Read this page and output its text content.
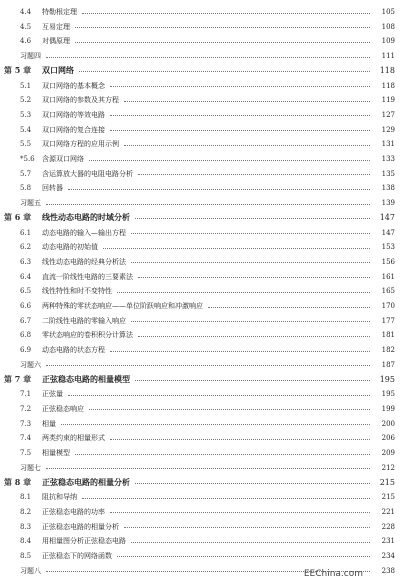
4.4	特勒根定理	105
4.5	互易定理	108
4.6	对偶原理	109
习题四	111
第 5 章	双口网络	118
5.1	双口网络的基本概念	118
5.2	双口网络的参数及其方程	119
5.3	双口网络的等效电路	127
5.4	双口网络的复合连接	129
5.5	双口网络方程的应用示例	131
*5.6	含源双口网络	133
5.7	含运算放大器的电阻电路分析	135
5.8	回转器	138
习题五	139
第 6 章	线性动态电路的时域分析	147
6.1	动态电路的输入—输出方程	147
6.2	动态电路的初始值	153
6.3	线性动态电路的经典分析法	156
6.4	直流一阶线性电路的三要素法	161
6.5	线性特性和时不变特性	165
6.6	两种特殊的零状态响应——单位阶跃响应和冲激响应	170
6.7	二阶线性电路的零输入响应	177
6.8	零状态响应的卷积积分计算法	181
6.9	动态电路的状态方程	182
习题六	187
第 7 章	正弦稳态电路的相量模型	195
7.1	正弦量	195
7.2	正弦稳态响应	199
7.3	相量	200
7.4	两类约束的相量形式	206
7.5	相量模型	209
习题七	212
第 8 章	正弦稳态电路的相量分析	215
8.1	阻抗和导纳	215
8.2	正弦稳态电路的功率	221
8.3	正弦稳态电路的相量分析	228
8.4	用相量图分析正弦稳态电路	231
8.5	正弦稳态下的网络函数	234
习题八	238
EEChina.com
